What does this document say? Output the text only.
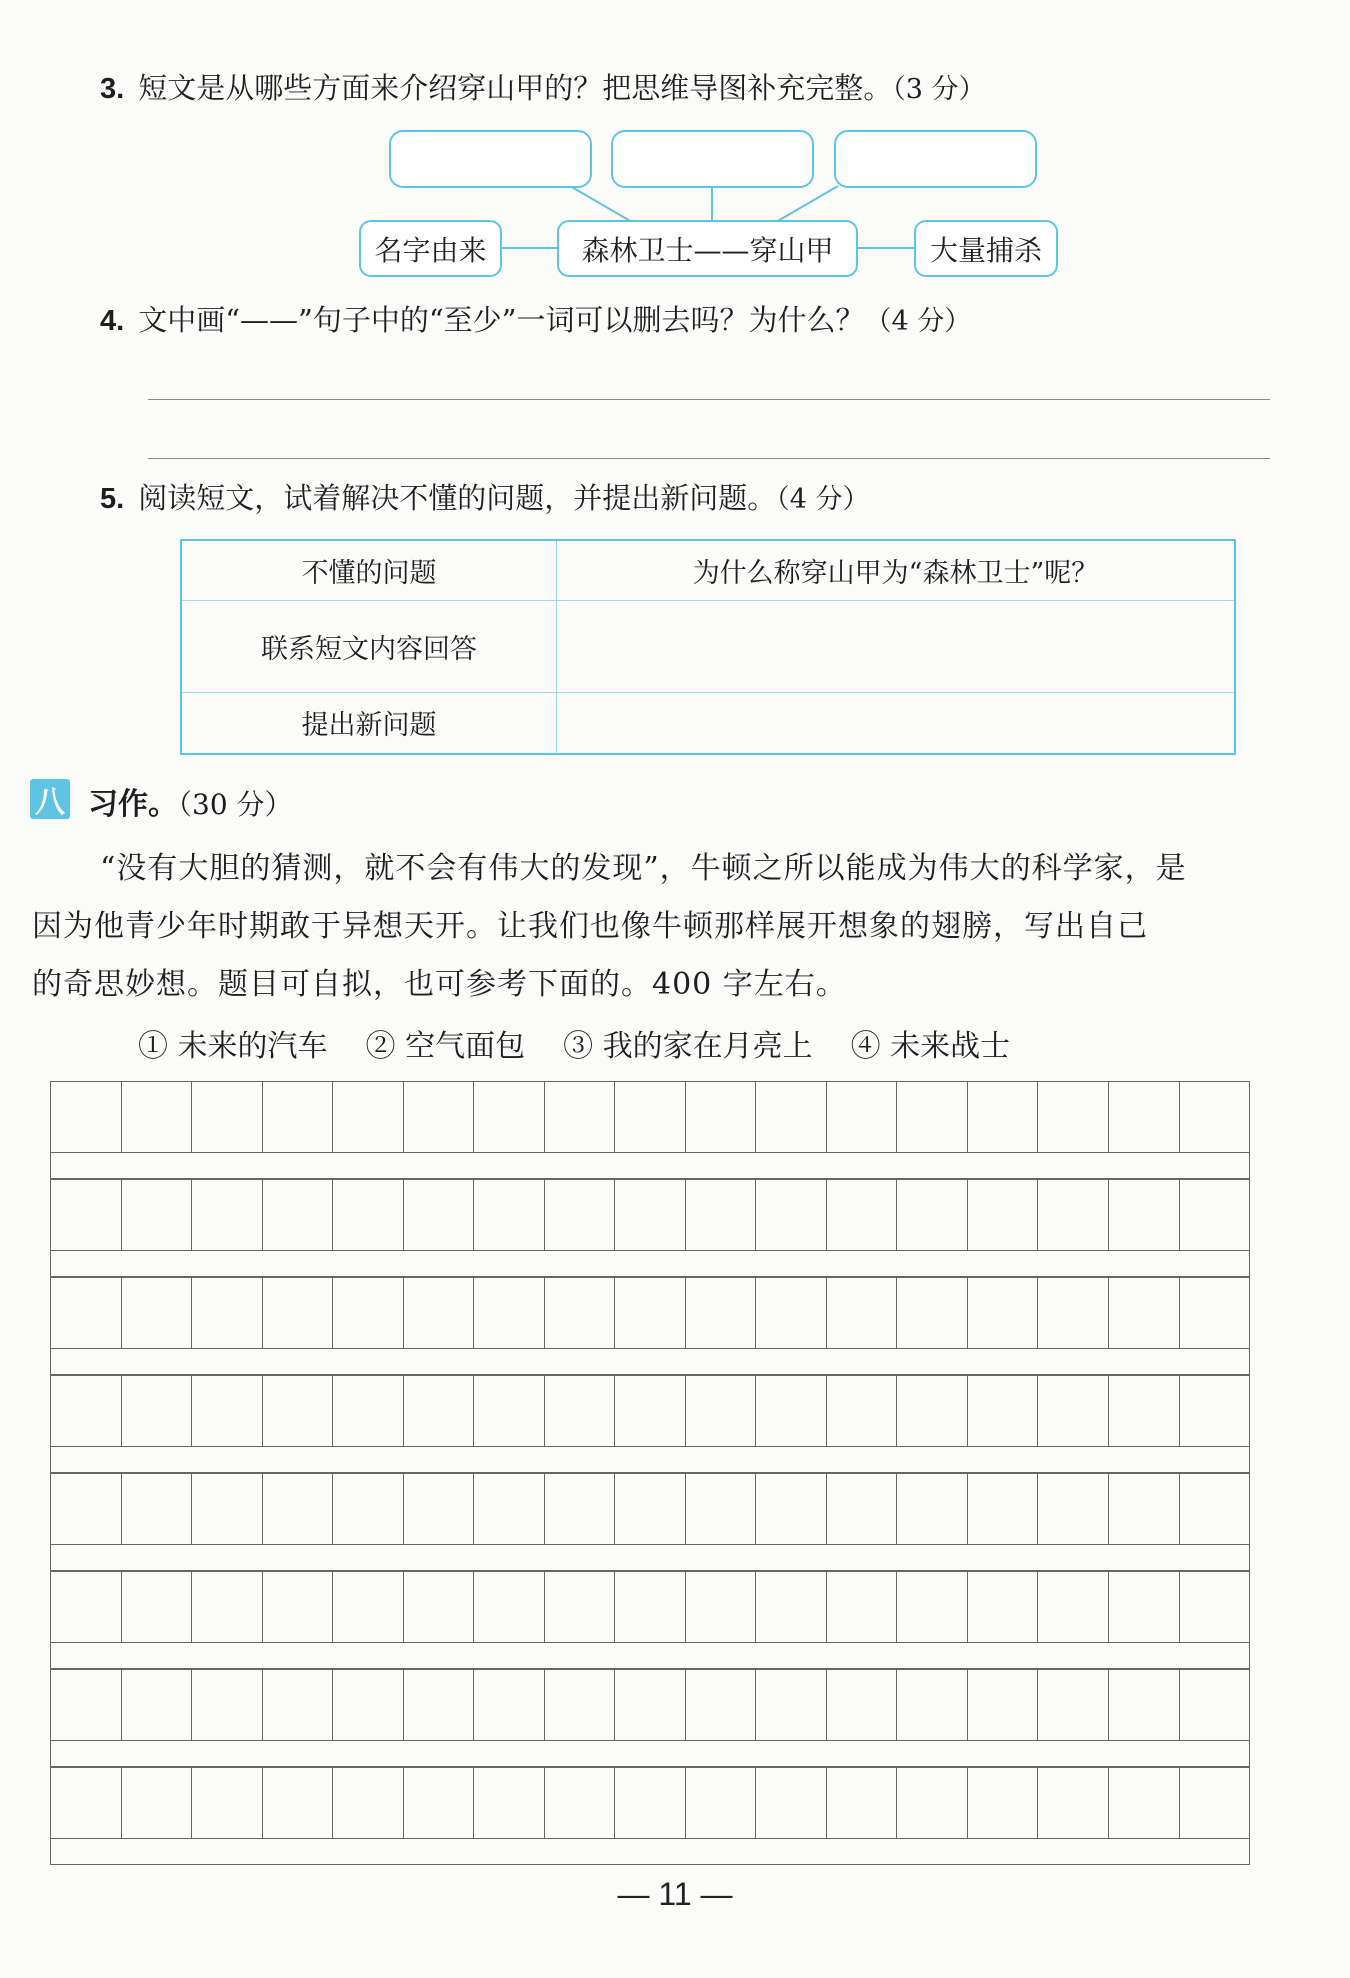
3. 短文是从哪些方面来介绍穿山甲的？把思维导图补充完整。（3 分）
名字由来	森林卫士——穿山甲	大量捕杀
4. 文中画“——”句子中的“至少”一词可以删去吗？为什么？（4 分）
5. 阅读短文，试着解决不懂的问题，并提出新问题。（4 分）
不懂的问题	为什么称穿山甲为“森林卫士”呢？
联系短文内容回答	
提出新问题	
八 习作。（30 分）
“没有大胆的猜测，就不会有伟大的发现”，牛顿之所以能成为伟大的科学家，是
因为他青少年时期敢于异想天开。让我们也像牛顿那样展开想象的翅膀，写出自己
的奇思妙想。题目可自拟，也可参考下面的。400 字左右。
① 未来的汽车 ② 空气面包 ③ 我的家在月亮上 ④ 未来战士
— 11 —
